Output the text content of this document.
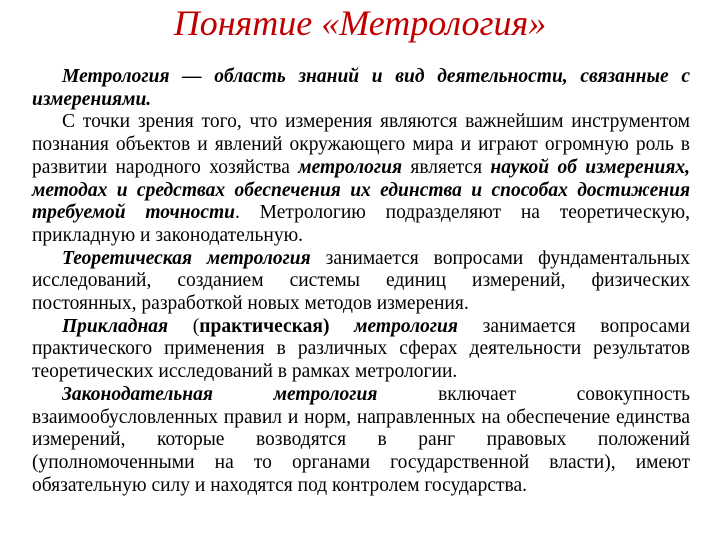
Понятие «Метрология»

Метрология — область знаний и вид деятельности, связанные с измерениями.

С точки зрения того, что измерения являются важнейшим инструментом познания объектов и явлений окружающего мира и играют огромную роль в развитии народного хозяйства метрология является наукой об измерениях, методах и средствах обеспечения их единства и способах достижения требуемой точности. Метрологию подразделяют на теоретическую, прикладную и законодательную.

Теоретическая метрология занимается вопросами фундаментальных исследований, созданием системы единиц измерений, физических постоянных, разработкой новых методов измерения.

Прикладная (практическая) метрология занимается вопросами практического применения в различных сферах деятельности результатов теоретических исследований в рамках метрологии.

Законодательная метрология включает совокупность взаимообусловленных правил и норм, направленных на обеспечение единства измерений, которые возводятся в ранг правовых положений (уполномоченными на то органами государственной власти), имеют обязательную силу и находятся под контролем государства.
